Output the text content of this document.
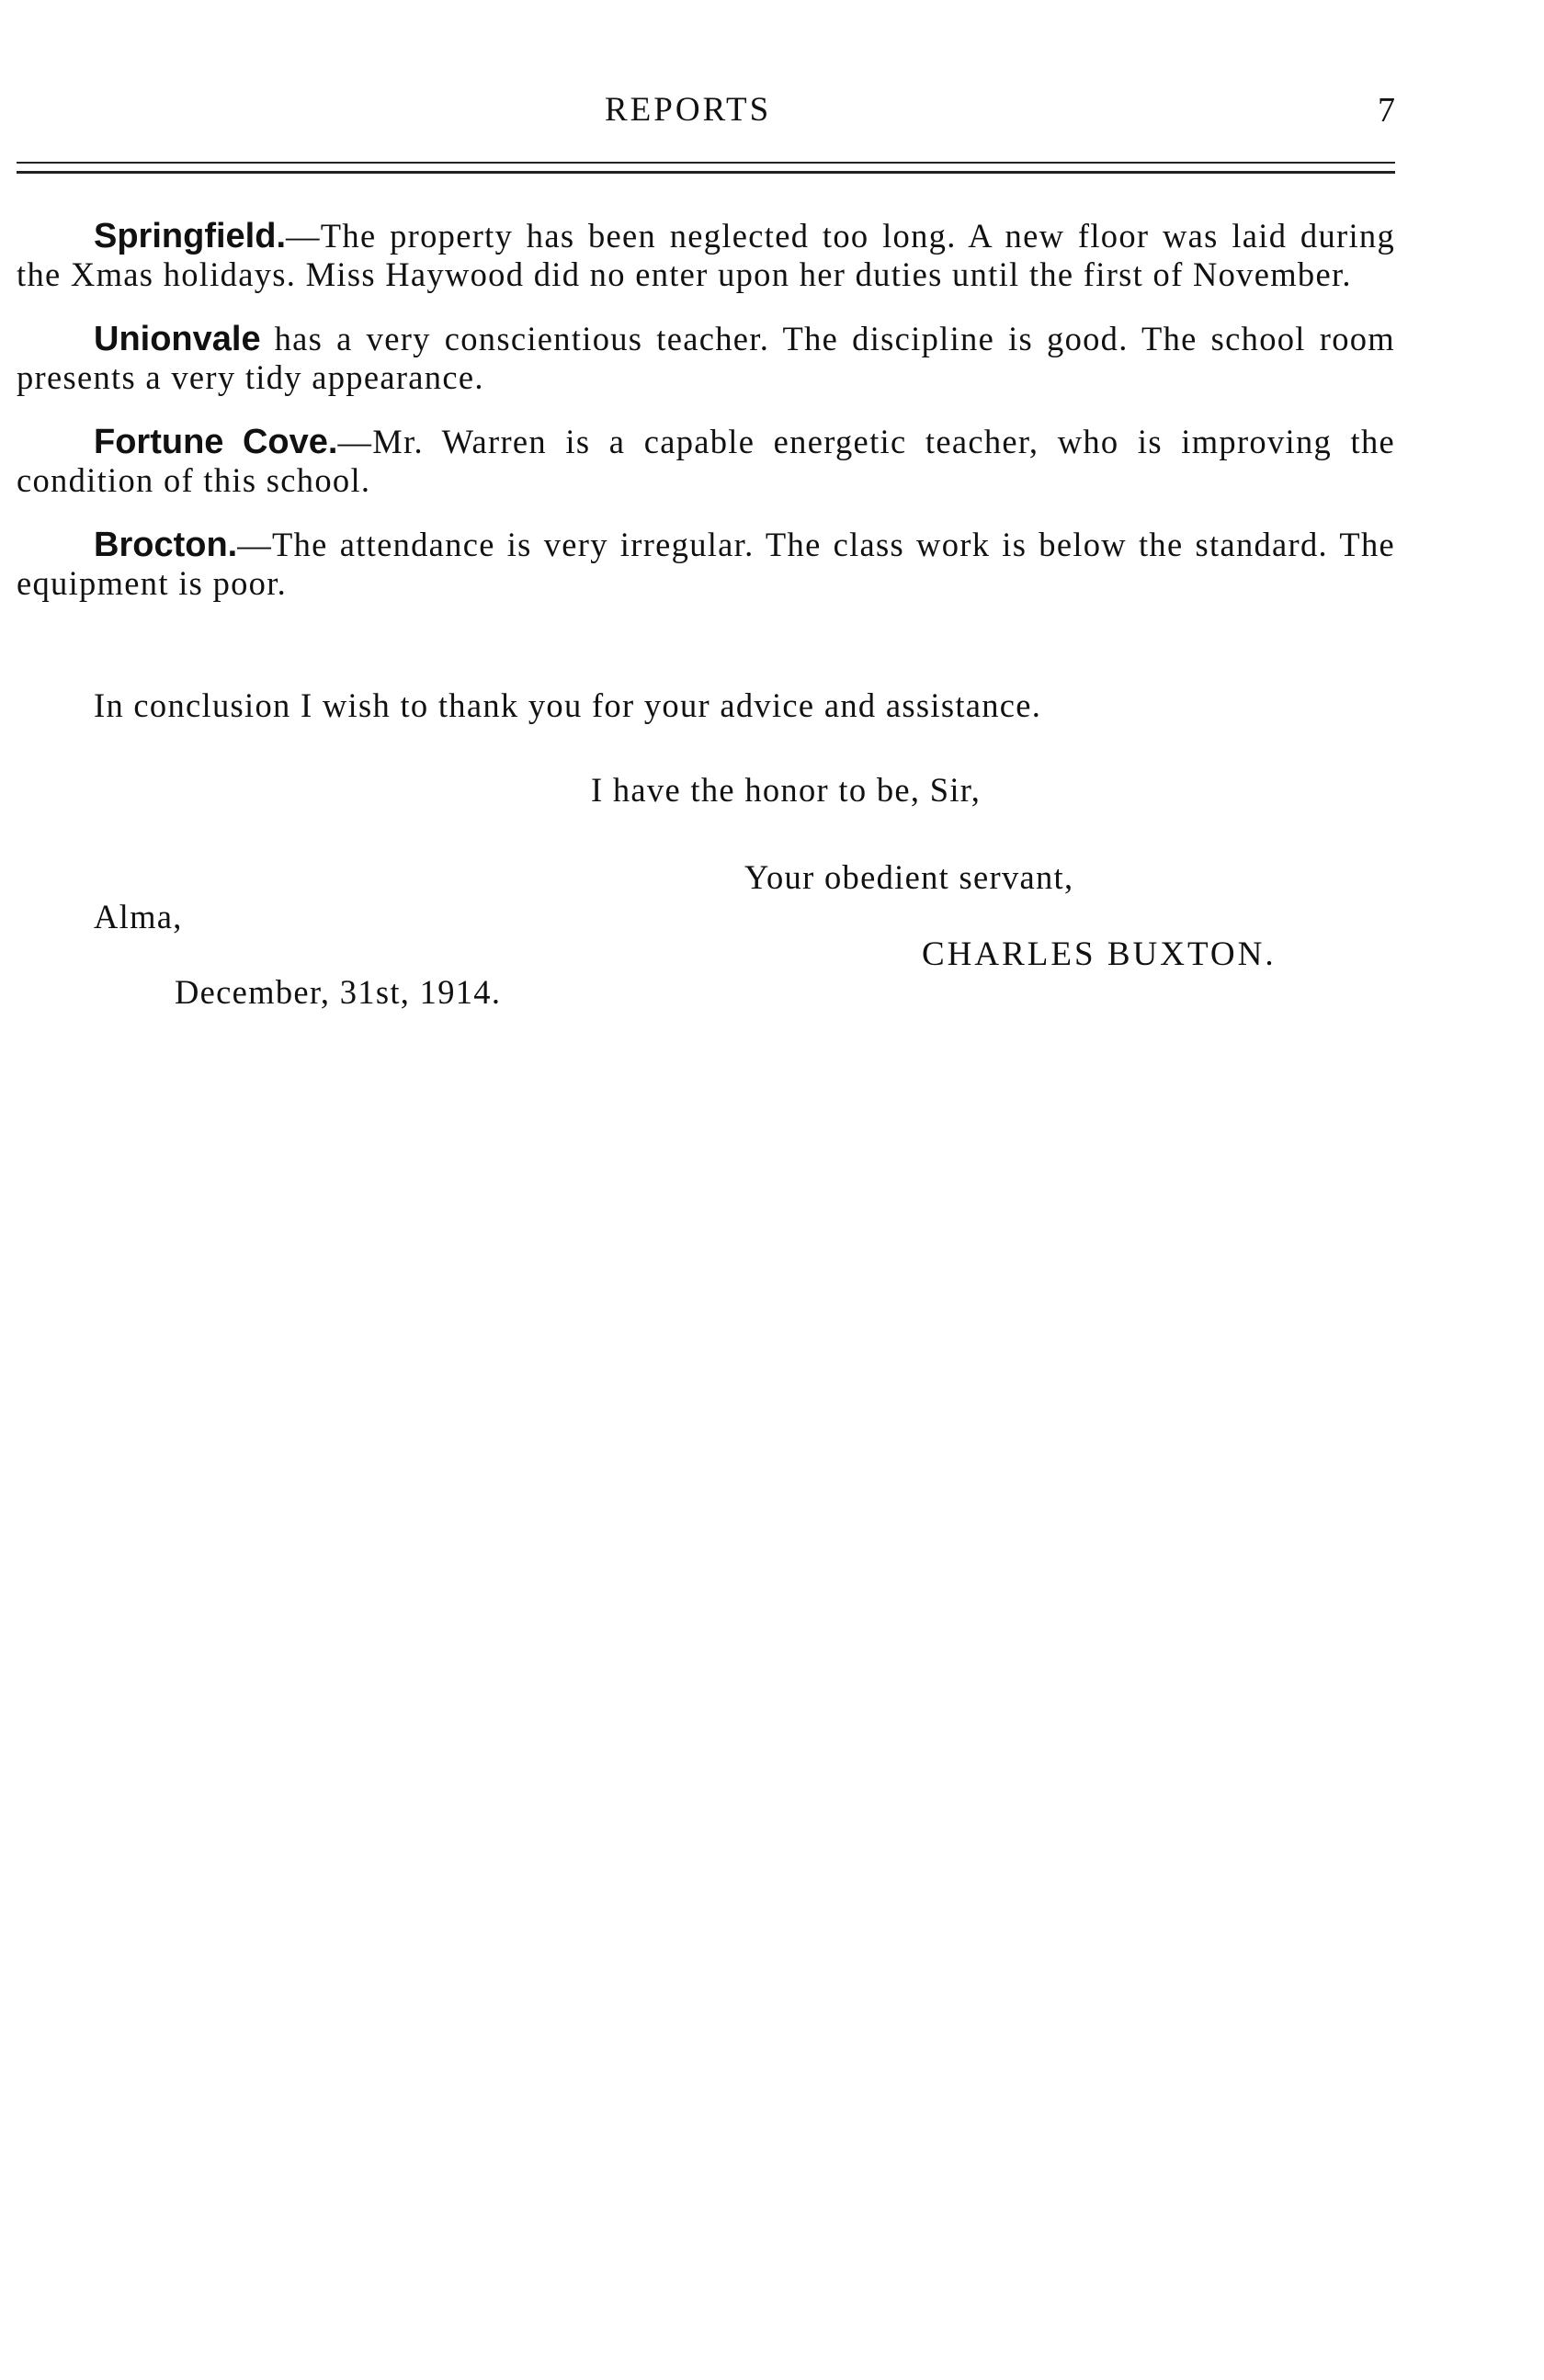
REPORTS	7

Springfield.—The property has been neglected too long. A new floor was laid during the Xmas holidays. Miss Haywood did no enter upon her duties until the first of November.

Unionvale has a very conscientious teacher. The discipline is good. The school room presents a very tidy appearance.

Fortune Cove.—Mr. Warren is a capable energetic teacher, who is improving the condition of this school.

Brocton.—The attendance is very irregular. The class work is below the standard. The equipment is poor.

In conclusion I wish to thank you for your advice and assistance.
I have the honor to be, Sir,
Your obedient servant,
Alma,
CHARLES BUXTON.
December, 31st, 1914.
